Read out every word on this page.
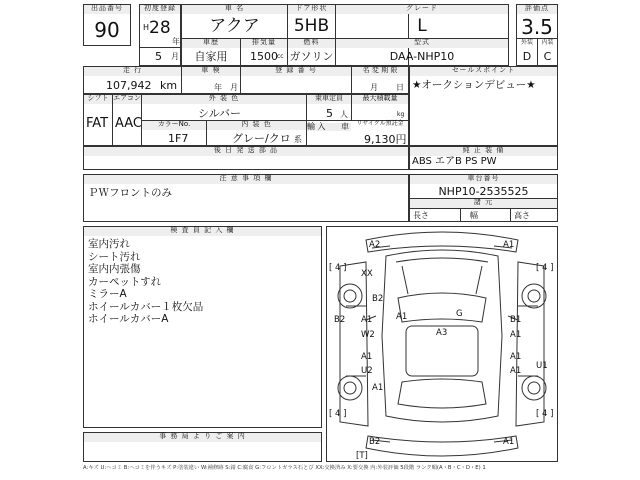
出品番号
90
初度登録
H 28
年
5 月
車 名
アクア
ドア形状
5HB
グレード
L
車歴
自家用
排気量
1500 cc
燃料
ガソリン
型式
DAA-NHP10
評価点
3.5
外装	内装
D	C
走 行
107,942 km
車 検
年 月
登 録 番 号	名 変 期 限
月 日
セールスポイント
★オークションデビュー★
シフト
FAT
エアコン
AAC
外 装 色
シルバー
カラーNo.
1F7
内 装 色
グレー/クロ 系
乗車定員
5 人
最大積載量
kg
輸 入	車	リサイクル預託金
9,130円
後 日 発 送 部 品	純 正 装 備
ABS エアB PS PW
注 意 事 項 欄
ＰＷフロントのみ
車台番号
NHP10-2535525
諸 元
長さ	幅	高さ
検 査 員 記 入 欄
室内汚れ
シート汚れ
室内内張傷
カーペットすれ
ミラーA
ホイールカバー１枚欠品
ホイールカバーA
事 務 局 よ り ご 案 内
A2	A1
[ 4 ]	[ 4 ]
XX
B2
A1	G
B2 A1	B1
A1
W2	A3
A1	A1
A1
U2
A1
U1
[ 4 ]	[ 4 ]
B2	A1
[T]
A:キズ U:ヘコミ B:ヘコミを伴うキズ P:塗装違い W:補修跡 S:錆 C:腐食 G:フロントガラス石とび XX:交換済み X:要交換 内:外装評価 5段階 ランク順(A・B・C・D・E) 1
